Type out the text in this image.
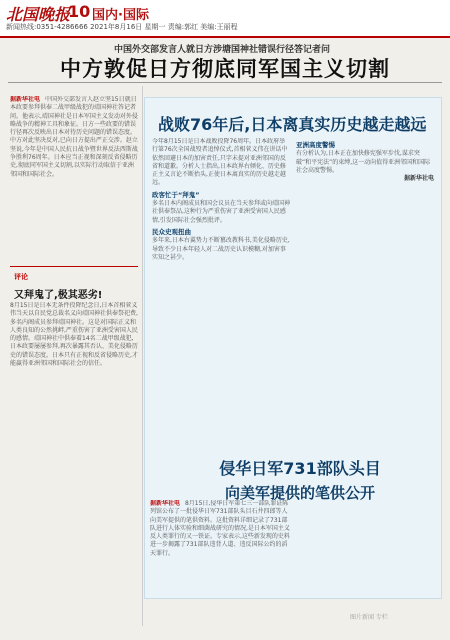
北国晚报
10 国内·国际
新闻热线:0351-4286666 2021年8月16日 星期一 责编:郭红 美编:王丽程
中国外交部发言人就日方涉塘国神社错误行径答记者问
中方敦促日方彻底同军国主义切割
据新华社电 中国外交部发言人赵立坚15日就日本政要参拜供奉二战甲级战犯的靖国神社答记者问。他表示,靖国神社是日本军国主义发动对外侵略战争的精神工具和象征。日方一些政要的错误行径再次反映出日本对待历史问题的错误态度。中方对此坚决反对,已向日方提出严正交涉。赵立坚说,今年是中国人民抗日战争暨世界反法西斯战争胜利76周年。日本应当正视和深刻反省侵略历史,彻底同军国主义切割,以实际行动取信于亚洲邻国和国际社会。
评论
又拜鬼了,极其恶劣!
8月15日是日本无条件投降纪念日,日本首相菅义伟当天以自民党总裁名义向靖国神社供奉祭祀费,多名内阁成员参拜靖国神社。这是对国际正义和人类良知的公然挑衅,严重伤害了亚洲受害国人民的感情。靖国神社中供奉着14名二战甲级战犯,日本政要屡屡参拜,再次暴露其否认、美化侵略历史的错误态度。日本只有正视和反省侵略历史,才能赢得亚洲邻国和国际社会的信任。
战败76年后,日本离真实历史越走越远
今年8月15日是日本战败投降76周年。日本政府举行第76次全国战殁者追悼仪式,首相菅义伟在讲话中依然回避日本的加害责任,只字未提对亚洲邻国的反省和道歉。分析人士指出,日本政界右倾化、历史修正主义言论不断抬头,正使日本离真实的历史越走越远。
政客忙于“拜鬼”
多名日本内阁成员和国会议员在当天参拜或向靖国神社供奉祭品,这种行为严重伤害了亚洲受害国人民感情,引发国际社会强烈批评。
民众史观扭曲
多年来,日本右翼势力不断篡改教科书,美化侵略历史,导致不少日本年轻人对二战历史认识模糊,对加害事实知之甚少。
亚洲高度警惕
有分析认为,日本正在加快修宪强军步伐,谋求突破“和平宪法”的束缚,这一动向值得亚洲邻国和国际社会高度警惕。
据新华社电
侵华日军731部队头目
向美军提供的笔供公开
据新华社电 8月15日,侵华日军第七三一部队罪证陈列馆公布了一批侵华日军731部队头目石井四郎等人向美军提供的笔供资料。这批资料详细记录了731部队进行人体实验和细菌战研究的情况,是日本军国主义反人类罪行的又一铁证。专家表示,这些新发现的史料进一步揭露了731部队违背人道、违反国际公约的滔天罪行。
图片新闻 专栏
